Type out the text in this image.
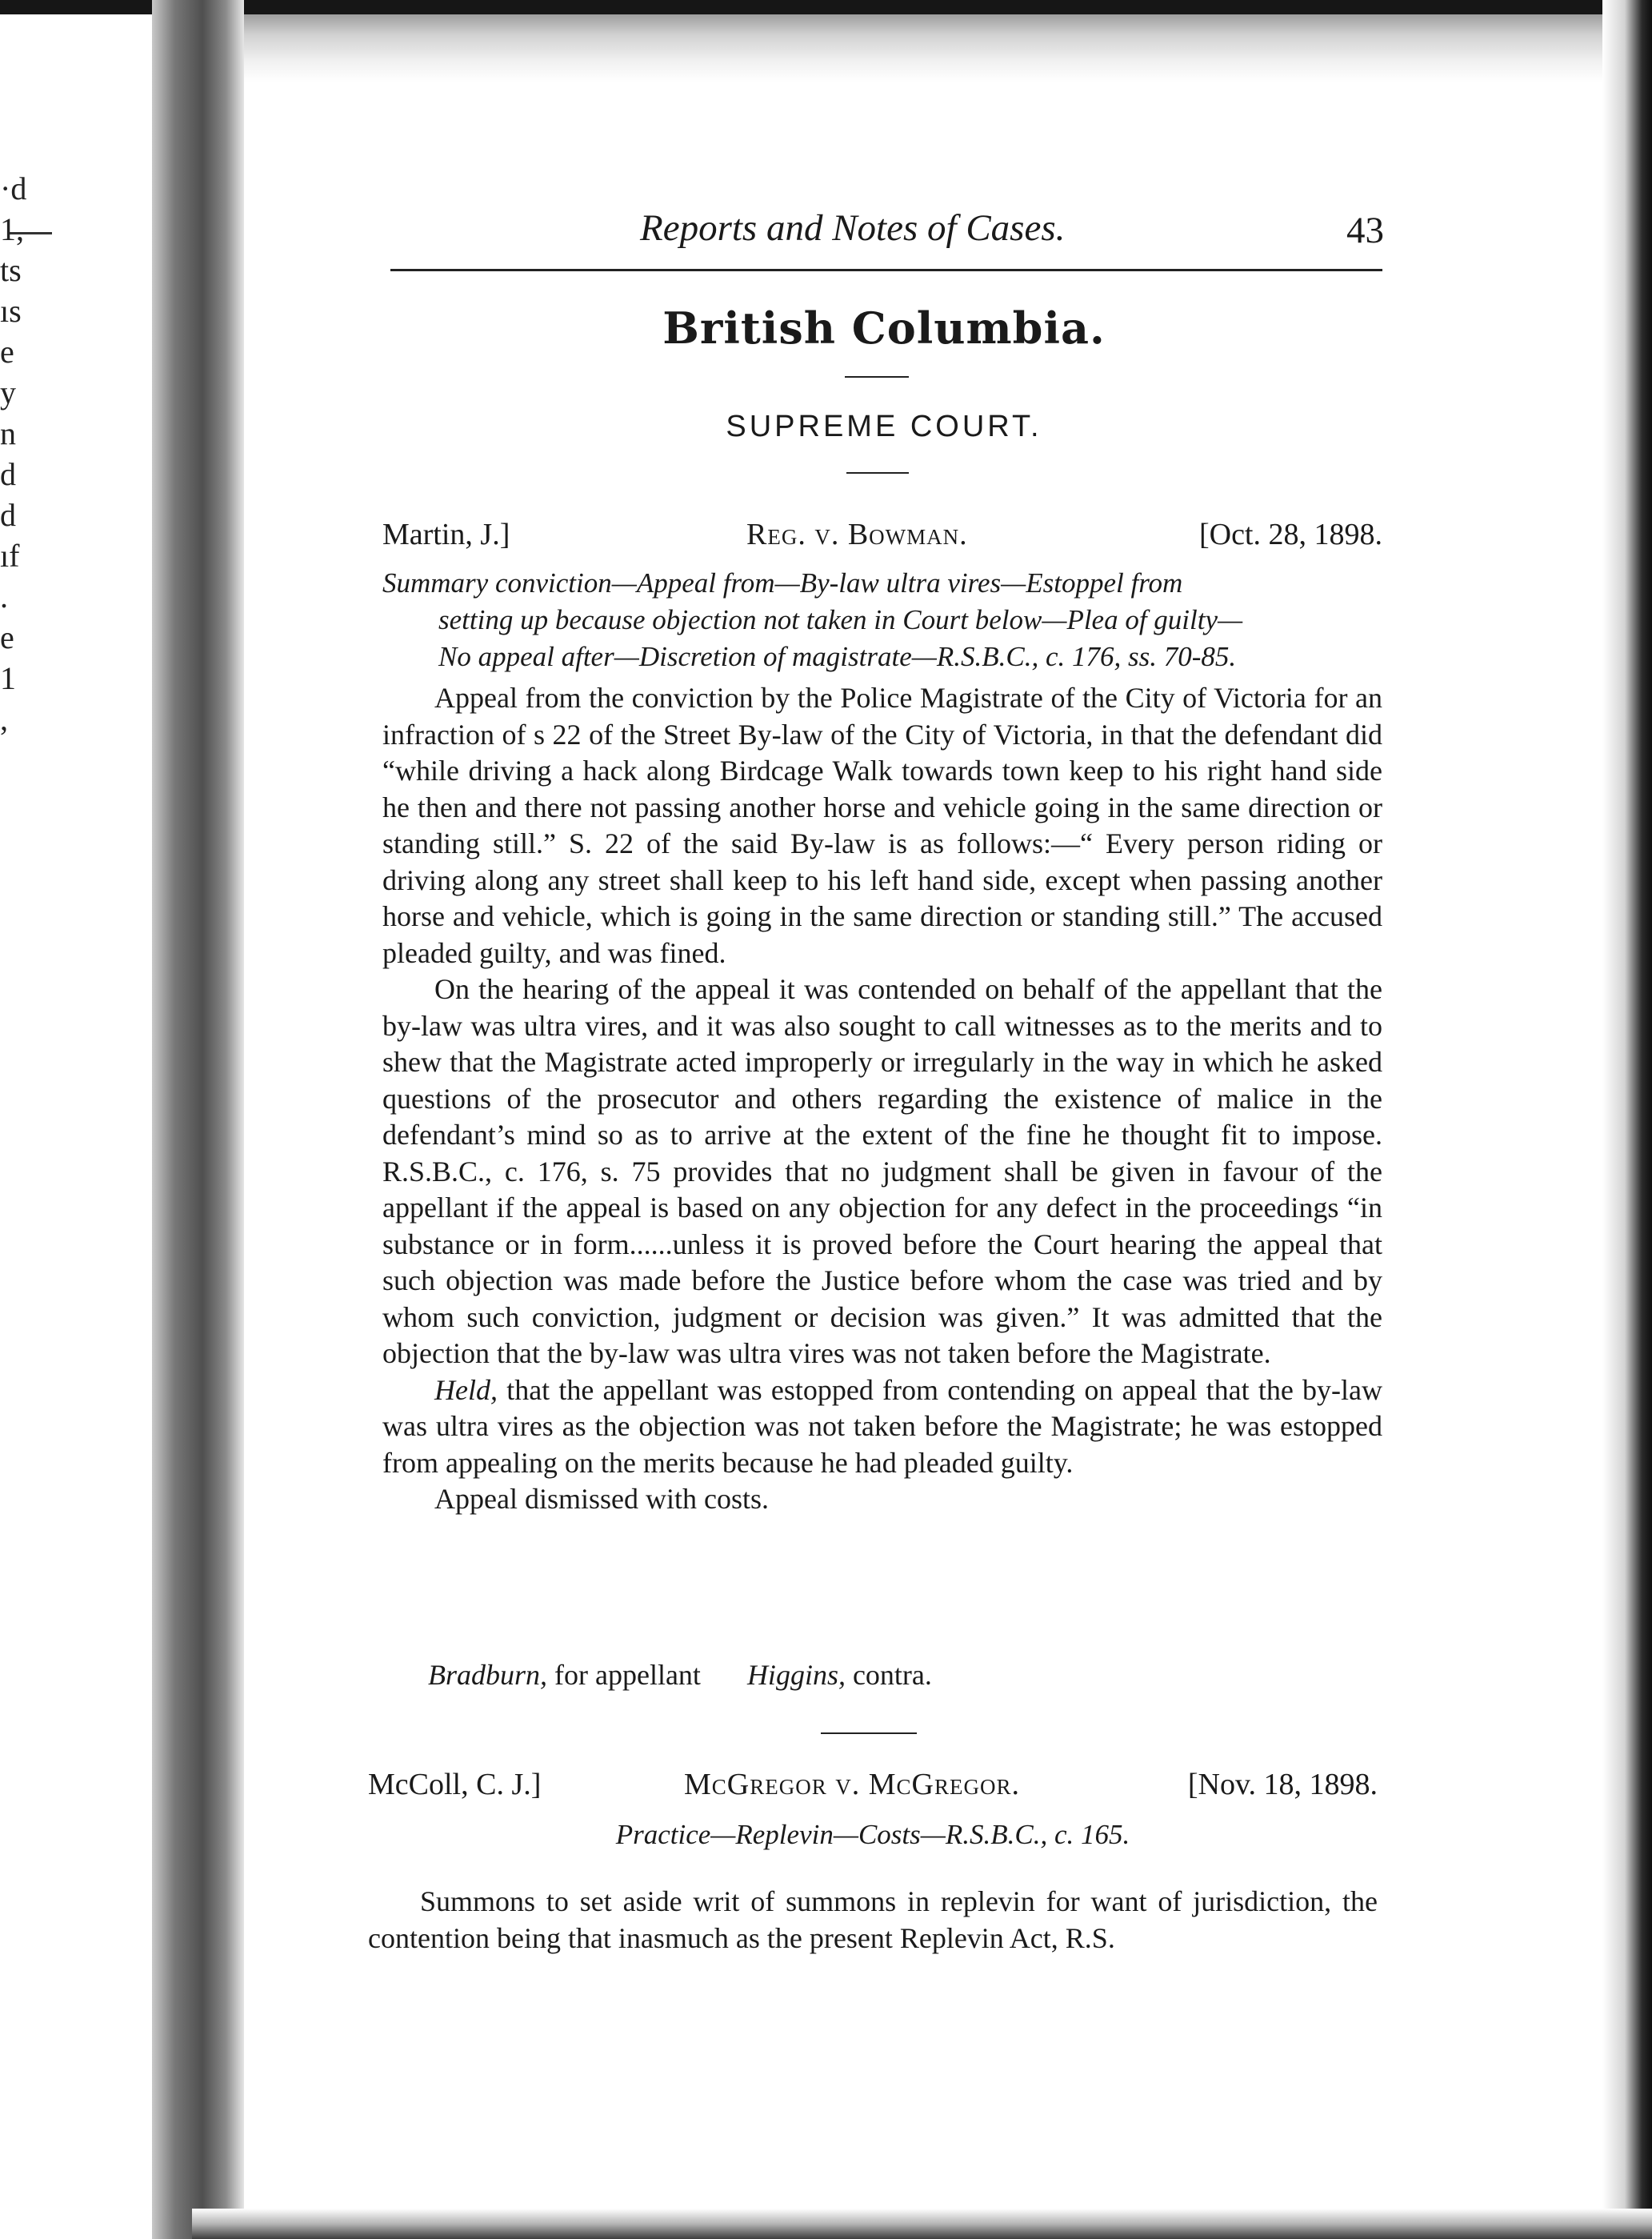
·d
1,
ts
ıs
e
y
n
d
d
ıf
.
e
1
,
Reports and Notes of Cases.	43
British Columbia.
SUPREME COURT.
Martin, J.]	Reg. v. Bowman.	[Oct. 28, 1898.
Summary conviction—Appeal from—By-law ultra vires—Estoppel from
setting up because objection not taken in Court below—Plea of guilty—
No appeal after—Discretion of magistrate—R.S.B.C., c. 176, ss. 70-85.

Appeal from the conviction by the Police Magistrate of the City of Victoria for an infraction of s 22 of the Street By-law of the City of Victoria, in that the defendant did “while driving a hack along Birdcage Walk towards town keep to his right hand side he then and there not passing another horse and vehicle going in the same direction or standing still.” S. 22 of the said By-law is as follows:—“ Every person riding or driving along any street shall keep to his left hand side, except when passing another horse and vehicle, which is going in the same direction or standing still.” The accused pleaded guilty, and was fined.

On the hearing of the appeal it was contended on behalf of the appellant that the by-law was ultra vires, and it was also sought to call witnesses as to the merits and to shew that the Magistrate acted improperly or irregularly in the way in which he asked questions of the prosecutor and others regarding the existence of malice in the defendant’s mind so as to arrive at the extent of the fine he thought fit to impose. R.S.B.C., c. 176, s. 75 provides that no judgment shall be given in favour of the appellant if the appeal is based on any objection for any defect in the proceedings “in substance or in form......unless it is proved before the Court hearing the appeal that such objection was made before the Justice before whom the case was tried and by whom such conviction, judgment or decision was given.” It was admitted that the objection that the by-law was ultra vires was not taken before the Magistrate.

Held, that the appellant was estopped from contending on appeal that the by-law was ultra vires as the objection was not taken before the Magistrate; he was estopped from appealing on the merits because he had pleaded guilty.

Appeal dismissed with costs.

Bradburn, for appellant Higgins, contra.
McColl, C. J.]	McGregor v. McGregor.	[Nov. 18, 1898.
Practice—Replevin—Costs—R.S.B.C., c. 165.

Summons to set aside writ of summons in replevin for want of jurisdiction, the contention being that inasmuch as the present Replevin Act, R.S.
